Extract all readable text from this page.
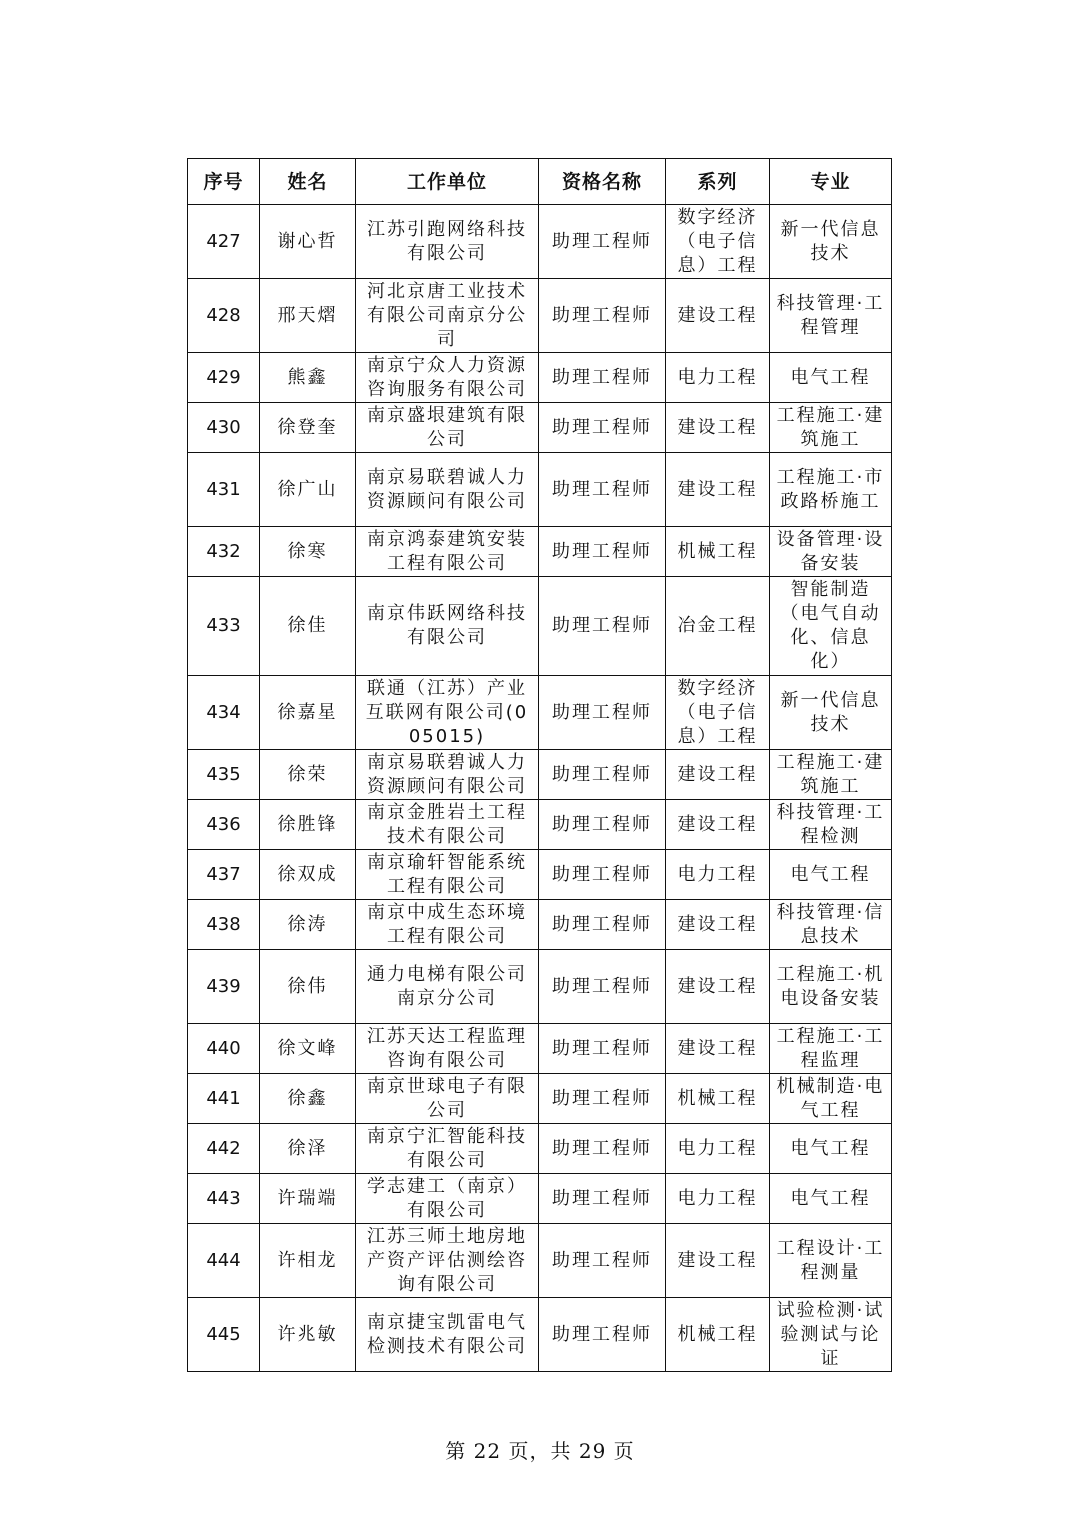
序号	姓名	工作单位	资格名称	系列	专业
427	谢心哲	江苏引跑网络科技有限公司	助理工程师	数字经济（电子信息）工程	新一代信息技术
428	邢天熠	河北京唐工业技术有限公司南京分公司	助理工程师	建设工程	科技管理·工程管理
429	熊鑫	南京宁众人力资源咨询服务有限公司	助理工程师	电力工程	电气工程
430	徐登奎	南京盛垠建筑有限公司	助理工程师	建设工程	工程施工·建筑施工
431	徐广山	南京易联碧诚人力资源顾问有限公司	助理工程师	建设工程	工程施工·市政路桥施工
432	徐寒	南京鸿泰建筑安装工程有限公司	助理工程师	机械工程	设备管理·设备安装
433	徐佳	南京伟跃网络科技有限公司	助理工程师	冶金工程	智能制造（电气自动化、信息化）
434	徐嘉星	联通（江苏）产业互联网有限公司(005015)	助理工程师	数字经济（电子信息）工程	新一代信息技术
435	徐荣	南京易联碧诚人力资源顾问有限公司	助理工程师	建设工程	工程施工·建筑施工
436	徐胜锋	南京金胜岩土工程技术有限公司	助理工程师	建设工程	科技管理·工程检测
437	徐双成	南京瑜轩智能系统工程有限公司	助理工程师	电力工程	电气工程
438	徐涛	南京中成生态环境工程有限公司	助理工程师	建设工程	科技管理·信息技术
439	徐伟	通力电梯有限公司南京分公司	助理工程师	建设工程	工程施工·机电设备安装
440	徐文峰	江苏天达工程监理咨询有限公司	助理工程师	建设工程	工程施工·工程监理
441	徐鑫	南京世球电子有限公司	助理工程师	机械工程	机械制造·电气工程
442	徐泽	南京宁汇智能科技有限公司	助理工程师	电力工程	电气工程
443	许瑞端	学志建工（南京）有限公司	助理工程师	电力工程	电气工程
444	许相龙	江苏三师土地房地产资产评估测绘咨询有限公司	助理工程师	建设工程	工程设计·工程测量
445	许兆敏	南京捷宝凯雷电气检测技术有限公司	助理工程师	机械工程	试验检测·试验测试与论证
第 22 页，共 29 页
